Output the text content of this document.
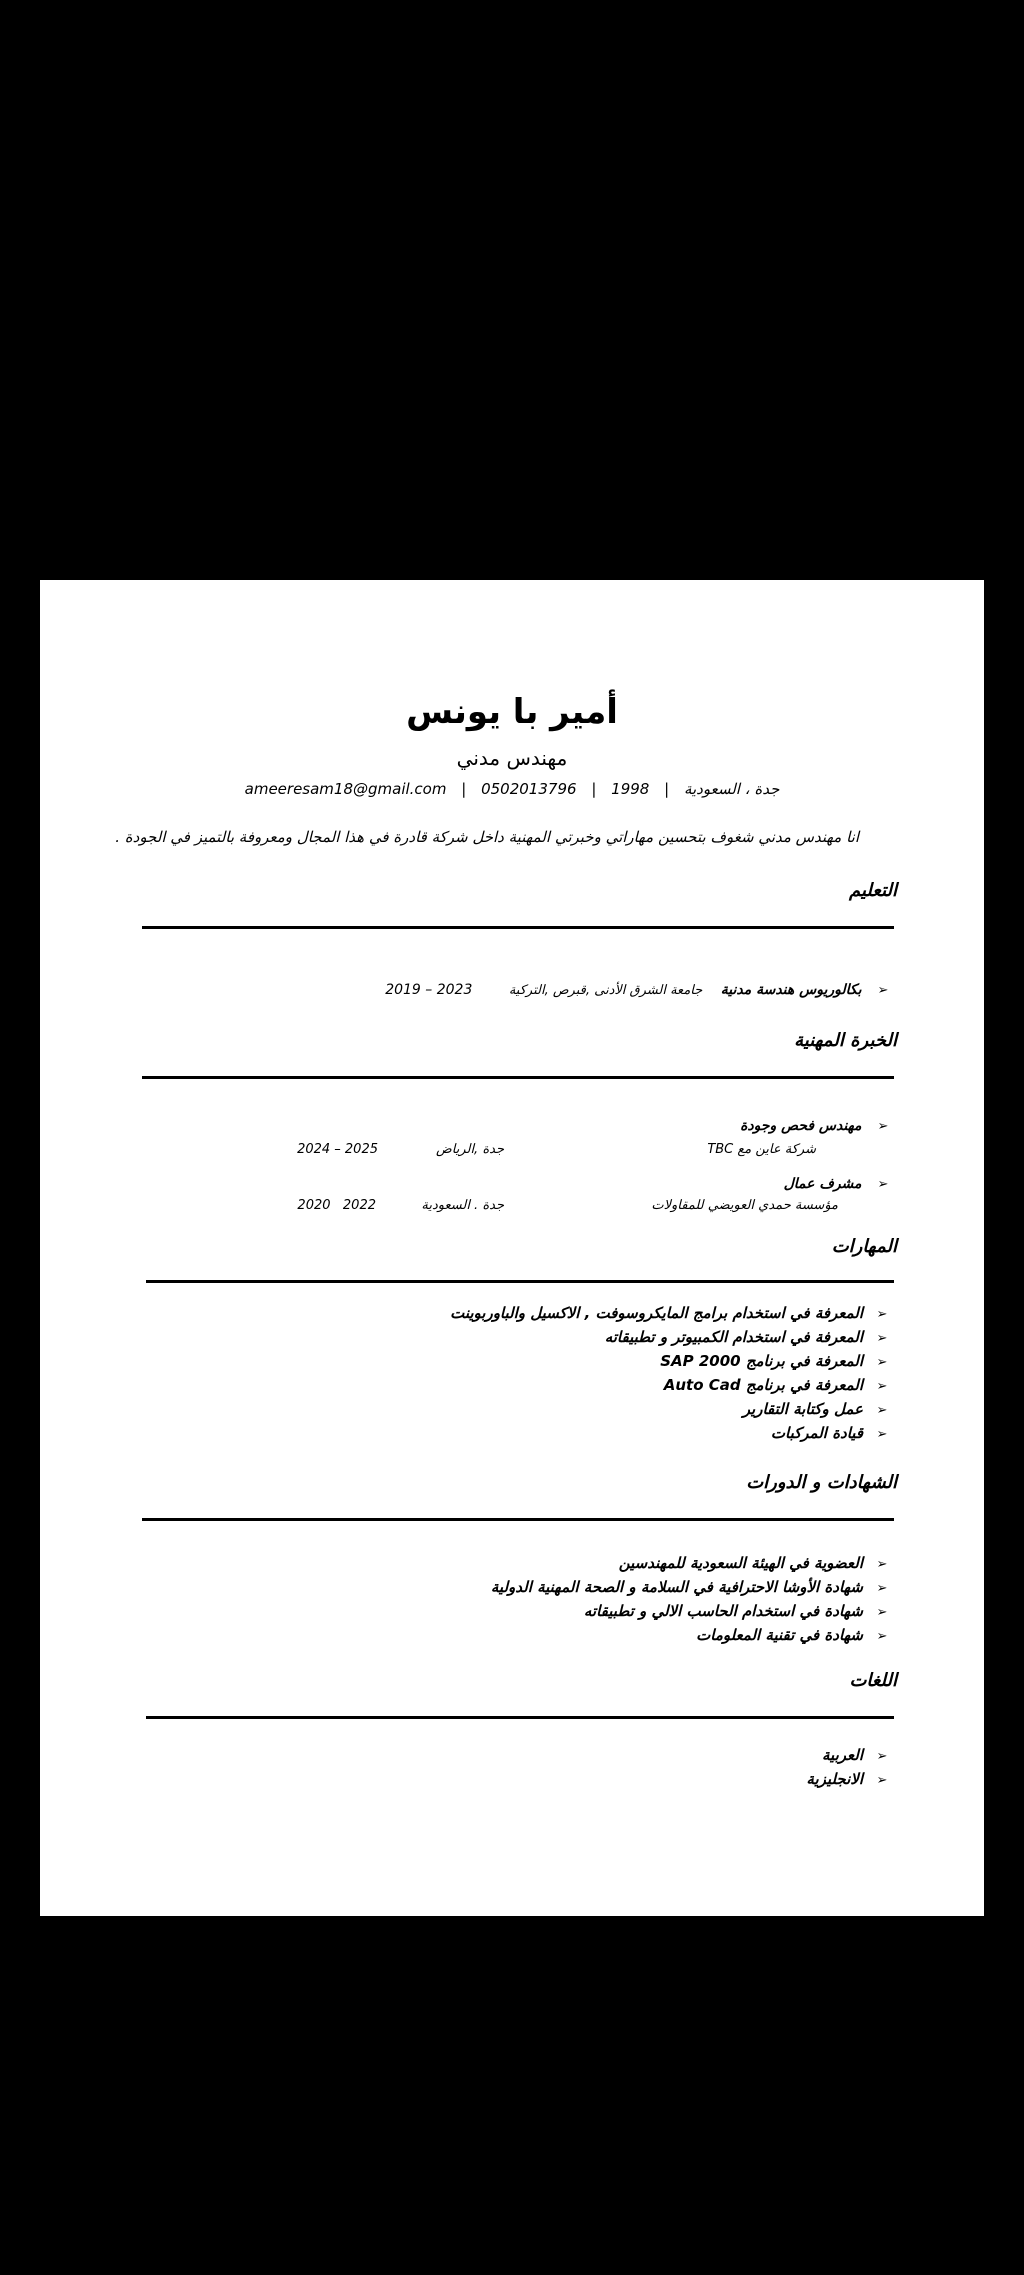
أمير با يونس
مهندس مدني
ameeresam18@gmail.com | 0502013796 |	جدة ، السعودية | 1998
انا مهندس مدني شغوف بتحسين مهاراتي وخبرتي المهنية داخل شركة قادرة في هذا المجال ومعروفة بالتميز في الجودة .
التعليم
➢ بكالوريوس هندسة مدنية جامعة الشرق الأدنى ,قبرص ,التركية 2019 – 2023
الخبرة المهنية
➢ مهندس فحص وجودة
شركة عاين مع TBC
جدة ,الرياض
2024 – 2025
➢ مشرف عمال
مؤسسة حمدي العويضي للمقاولات
جدة . السعودية
2020   2022
المهارات
➢المعرفة في استخدام برامج المايكروسوفت , الاكسيل والباوربوينت
➢المعرفة في استخدام الكمبيوتر و تطبيقاته
➢المعرفة في برنامج SAP 2000
➢المعرفة في برنامج Auto Cad
➢عمل وكتابة التقارير
➢قيادة المركبات
الشهادات و الدورات
➢العضوية في الهيئة السعودية للمهندسين
➢شهادة الأوشا الاحترافية في السلامة و الصحة المهنية الدولية
➢شهادة في استخدام الحاسب الالي و تطبيقاته
➢شهادة في تقنية المعلومات
اللغات
➢العربية
➢الانجليزية
